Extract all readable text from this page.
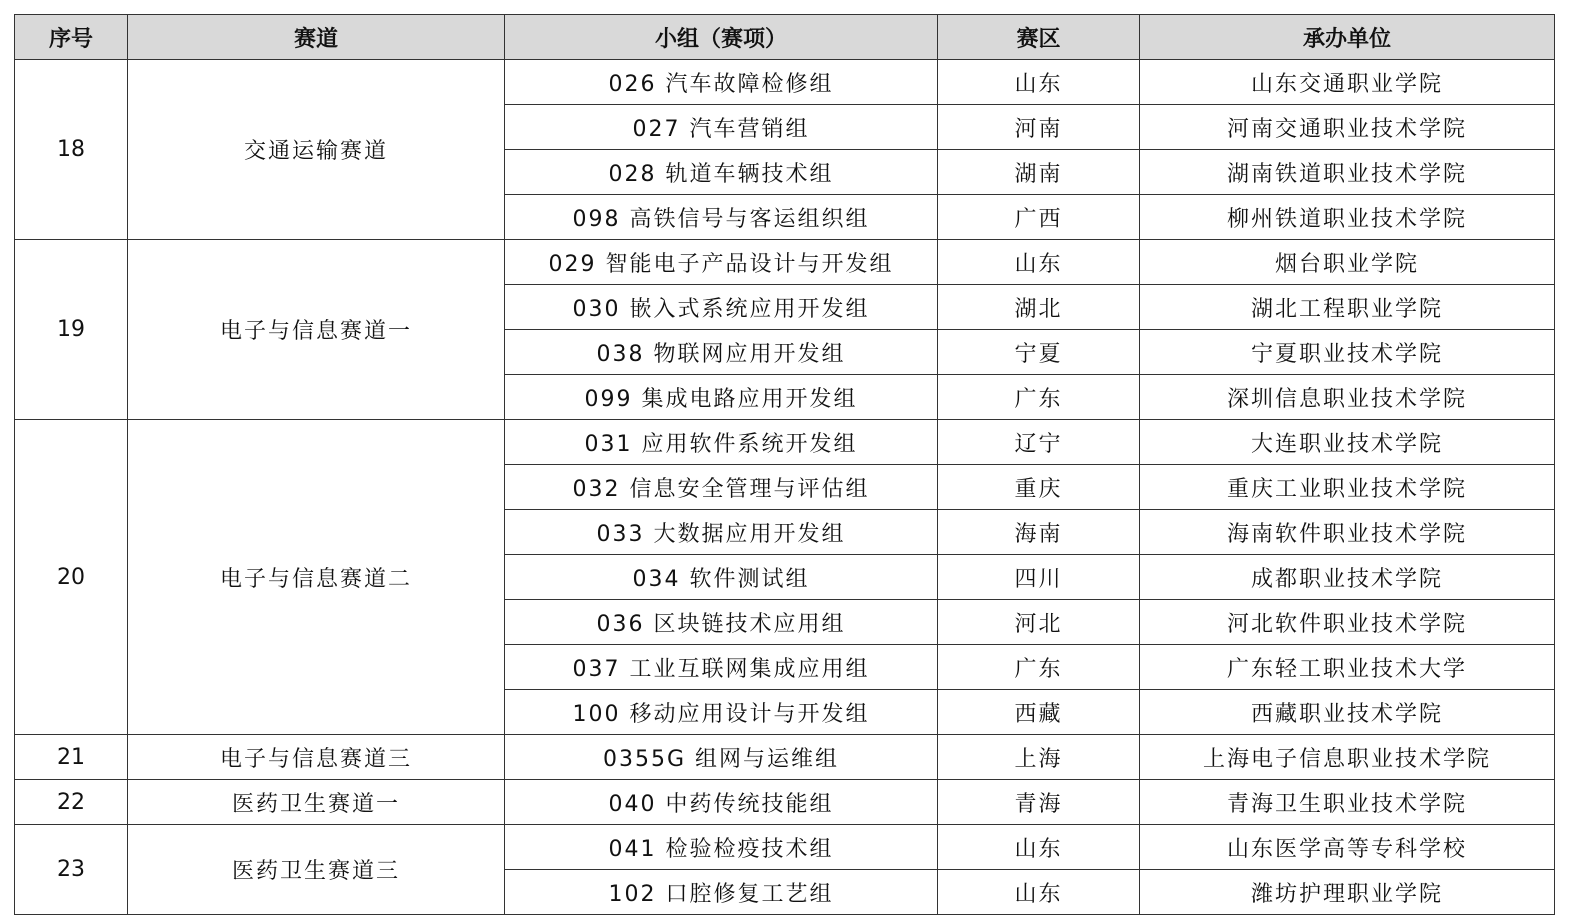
序号	赛道	小组（赛项）	赛区	承办单位
18	交通运输赛道	026 汽车故障检修组	山东	山东交通职业学院
		027 汽车营销组	河南	河南交通职业技术学院
		028 轨道车辆技术组	湖南	湖南铁道职业技术学院
		098 高铁信号与客运组织组	广西	柳州铁道职业技术学院
19	电子与信息赛道一	029 智能电子产品设计与开发组	山东	烟台职业学院
		030 嵌入式系统应用开发组	湖北	湖北工程职业学院
		038 物联网应用开发组	宁夏	宁夏职业技术学院
		099 集成电路应用开发组	广东	深圳信息职业技术学院
20	电子与信息赛道二	031 应用软件系统开发组	辽宁	大连职业技术学院
		032 信息安全管理与评估组	重庆	重庆工业职业技术学院
		033 大数据应用开发组	海南	海南软件职业技术学院
		034 软件测试组	四川	成都职业技术学院
		036 区块链技术应用组	河北	河北软件职业技术学院
		037 工业互联网集成应用组	广东	广东轻工职业技术大学
		100 移动应用设计与开发组	西藏	西藏职业技术学院
21	电子与信息赛道三	0355G 组网与运维组	上海	上海电子信息职业技术学院
22	医药卫生赛道一	040 中药传统技能组	青海	青海卫生职业技术学院
23	医药卫生赛道三	041 检验检疫技术组	山东	山东医学高等专科学校
		102 口腔修复工艺组	山东	潍坊护理职业学院
